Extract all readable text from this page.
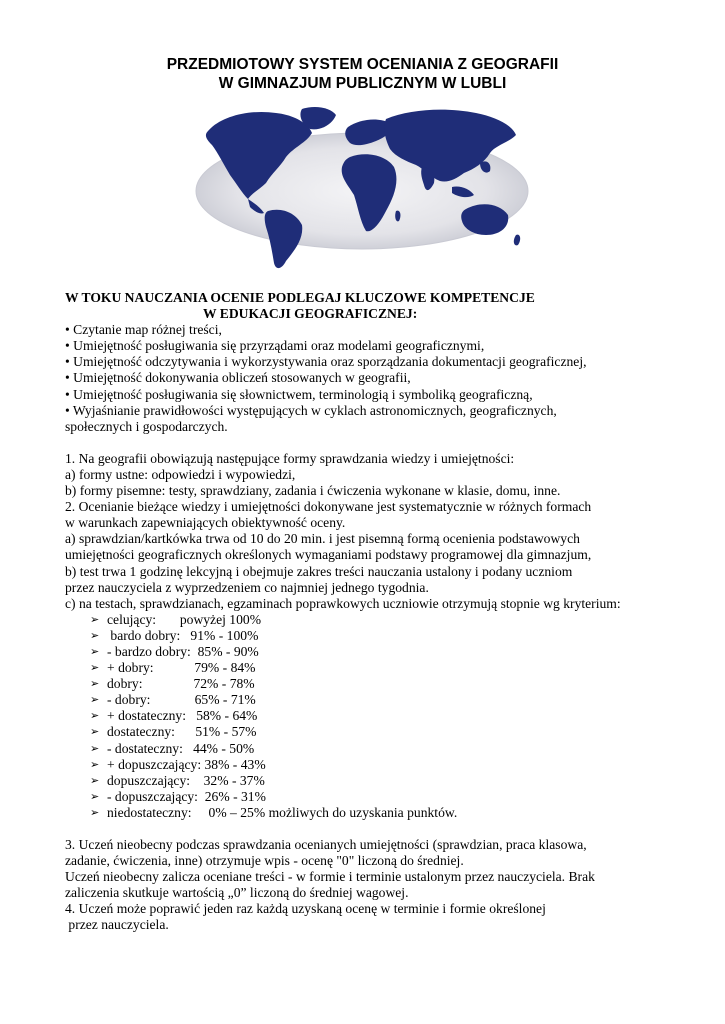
PRZEDMIOTOWY SYSTEM OCENIANIA Z GEOGRAFII
W GIMNAZJUM PUBLICZNYM W LUBLI
W TOKU NAUCZANIA OCENIE PODLEGAJ KLUCZOWE KOMPETENCJE
W EDUKACJI GEOGRAFICZNEJ:
• Czytanie map różnej treści,
• Umiejętność posługiwania się przyrządami oraz modelami geograficznymi,
• Umiejętność odczytywania i wykorzystywania oraz sporządzania dokumentacji geograficznej,
• Umiejętność dokonywania obliczeń stosowanych w geografii,
• Umiejętność posługiwania się słownictwem, terminologią i symboliką geograficzną,
• Wyjaśnianie prawidłowości występujących w cyklach astronomicznych, geograficznych,
społecznych i gospodarczych.

1. Na geografii obowiązują następujące formy sprawdzania wiedzy i umiejętności:

a) formy ustne: odpowiedzi i wypowiedzi,

b) formy pisemne: testy, sprawdziany, zadania i ćwiczenia wykonane w klasie, domu, inne.

2. Ocenianie bieżące wiedzy i umiejętności dokonywane jest systematycznie w różnych formach

w warunkach zapewniających obiektywność oceny.

a) sprawdzian/kartkówka trwa od 10 do 20 min. i jest pisemną formą ocenienia podstawowych

umiejętności geograficznych określonych wymaganiami podstawy programowej dla gimnazjum,

b) test trwa 1 godzinę lekcyjną i obejmuje zakres treści nauczania ustalony i podany uczniom

przez nauczyciela z wyprzedzeniem co najmniej jednego tygodnia.

c) na testach, sprawdzianach, egzaminach poprawkowych uczniowie otrzymują stopnie wg kryterium:

➢ celujący:       powyżej 100%
➢ bardo dobry:   91% - 100%
➢ - bardzo dobry:  85% - 90%
➢ + dobry:            79% - 84%
➢ dobry:               72% - 78%
➢ - dobry:             65% - 71%
➢ + dostateczny:   58% - 64%
➢ dostateczny:      51% - 57%
➢ - dostateczny:   44% - 50%
➢ + dopuszczający: 38% - 43%
➢ dopuszczający:    32% - 37%
➢ - dopuszczający:  26% - 31%
➢ niedostateczny:     0% – 25% możliwych do uzyskania punktów.

3. Uczeń nieobecny podczas sprawdzania ocenianych umiejętności (sprawdzian, praca klasowa,

zadanie, ćwiczenia, inne) otrzymuje wpis - ocenę "0" liczoną do średniej.

Uczeń nieobecny zalicza oceniane treści - w formie i terminie ustalonym przez nauczyciela. Brak

zaliczenia skutkuje wartością „0” liczoną do średniej wagowej.

4. Uczeń może poprawić jeden raz każdą uzyskaną ocenę w terminie i formie określonej

przez nauczyciela.
